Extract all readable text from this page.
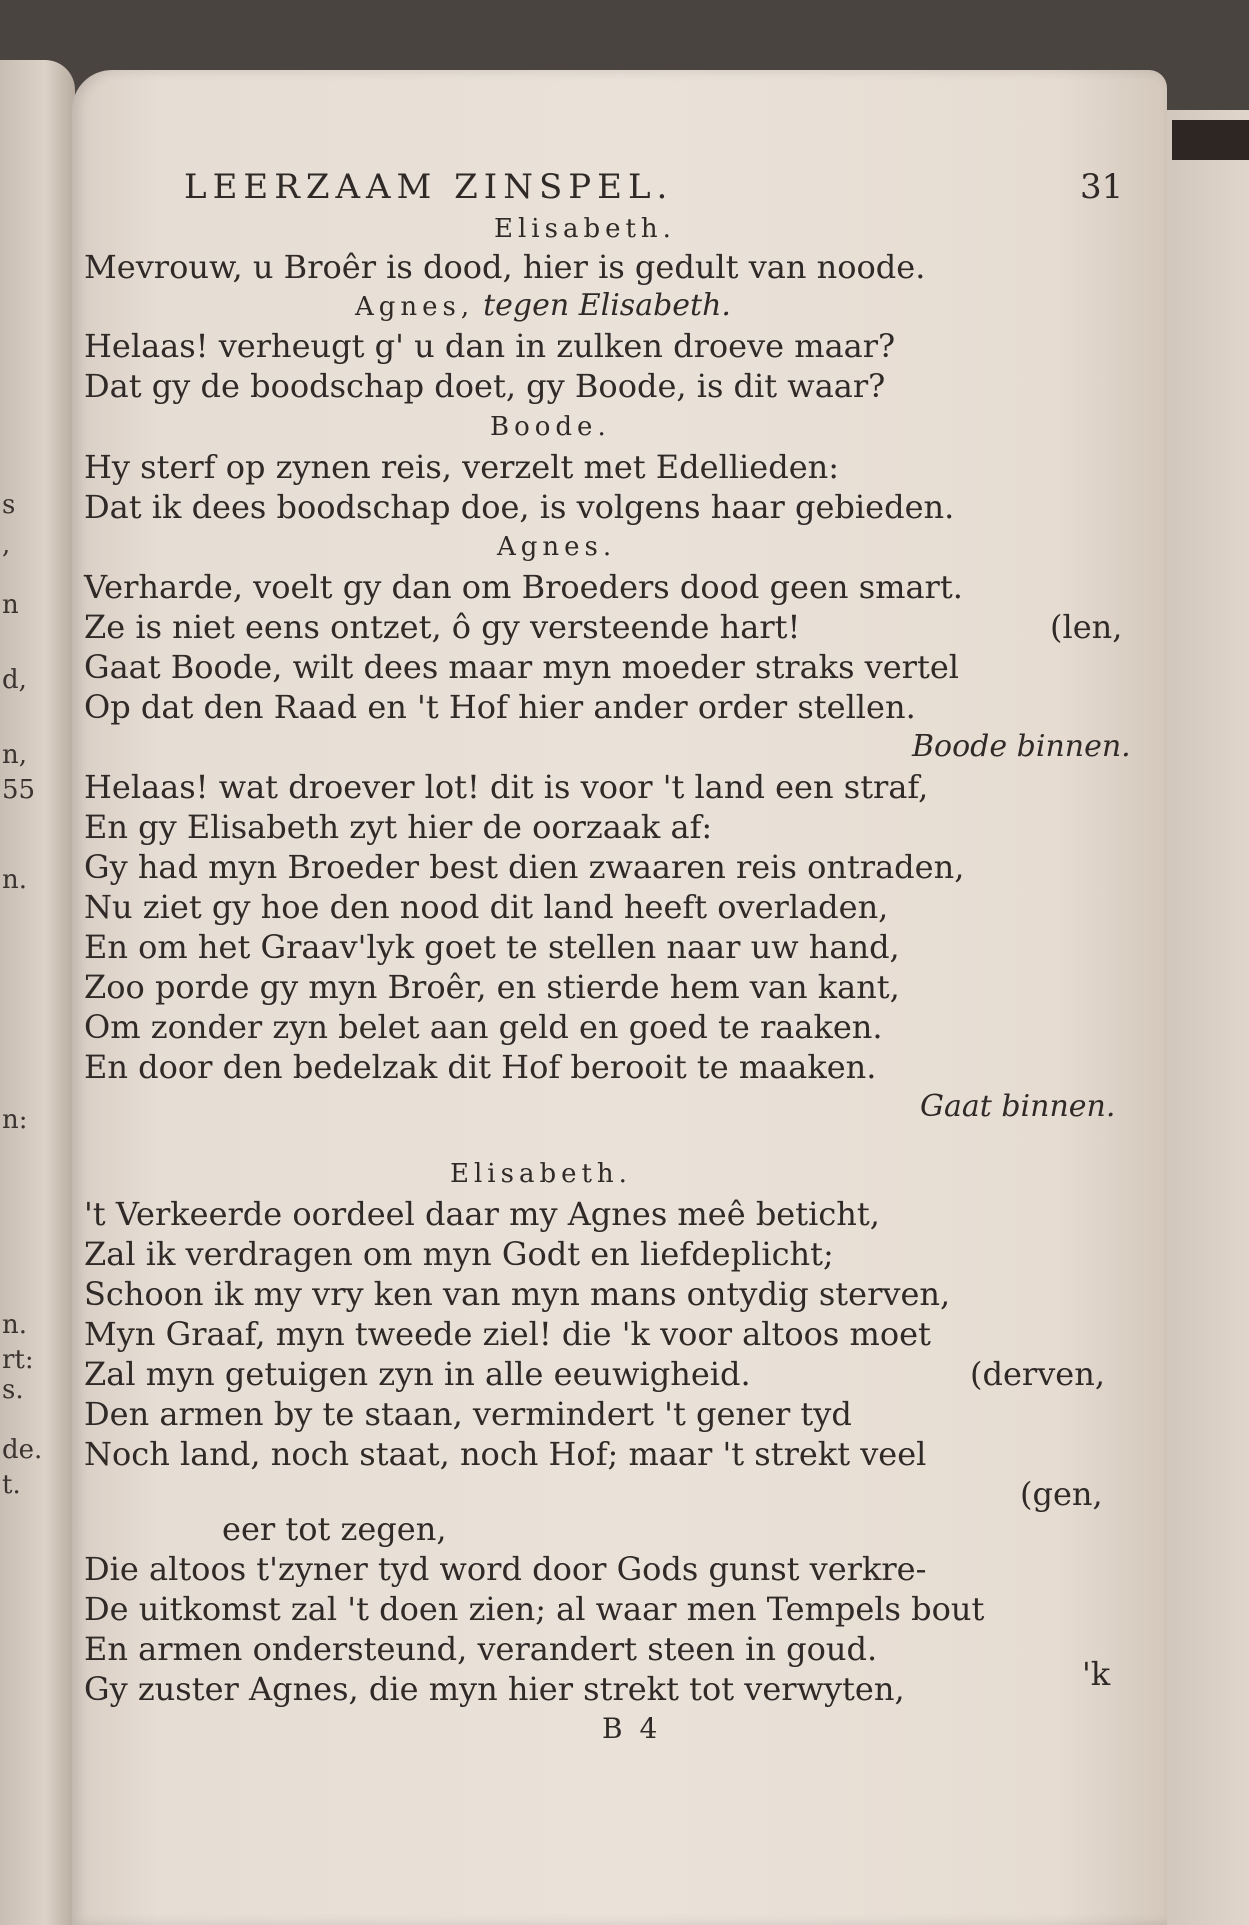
s
,
n
d,
n,
55
n.
n:
n.
rt:
s.
de.
t.
LEERZAAM ZINSPEL.	31
Elisabeth.
Mevrouw, u Broêr is dood, hier is gedult van noode.
Agnes, tegen Elisabeth.
Helaas! verheugt g' u dan in zulken droeve maar?
Dat gy de boodschap doet, gy Boode, is dit waar?
Boode.
Hy sterf op zynen reis, verzelt met Edellieden:
Dat ik dees boodschap doe, is volgens haar gebieden.
Agnes.
Verharde, voelt gy dan om Broeders dood geen smart.
Ze is niet eens ontzet, ô gy versteende hart!	(len,
Gaat Boode, wilt dees maar myn moeder straks vertel
Op dat den Raad en 't Hof hier ander order stellen.
Boode binnen.
Helaas! wat droever lot! dit is voor 't land een straf,
En gy Elisabeth zyt hier de oorzaak af:
Gy had myn Broeder best dien zwaaren reis ontraden,
Nu ziet gy hoe den nood dit land heeft overladen,
En om het Graav'lyk goet te stellen naar uw hand,
Zoo porde gy myn Broêr, en stierde hem van kant,
Om zonder zyn belet aan geld en goed te raaken.
En door den bedelzak dit Hof berooit te maaken.
Gaat binnen.
Elisabeth.
't Verkeerde oordeel daar my Agnes meê beticht,
Zal ik verdragen om myn Godt en liefdeplicht;
Schoon ik my vry ken van myn mans ontydig sterven,
Myn Graaf, myn tweede ziel! die 'k voor altoos moet
Zal myn getuigen zyn in alle eeuwigheid.	(derven,
Den armen by te staan, vermindert 't gener tyd
Noch land, noch staat, noch Hof; maar 't strekt veel
(gen,
eer tot zegen,
Die altoos t'zyner tyd word door Gods gunst verkre-
De uitkomst zal 't doen zien; al waar men Tempels bout
En armen ondersteund, verandert steen in goud.
Gy zuster Agnes, die myn hier strekt tot verwyten,	'k
B 4
